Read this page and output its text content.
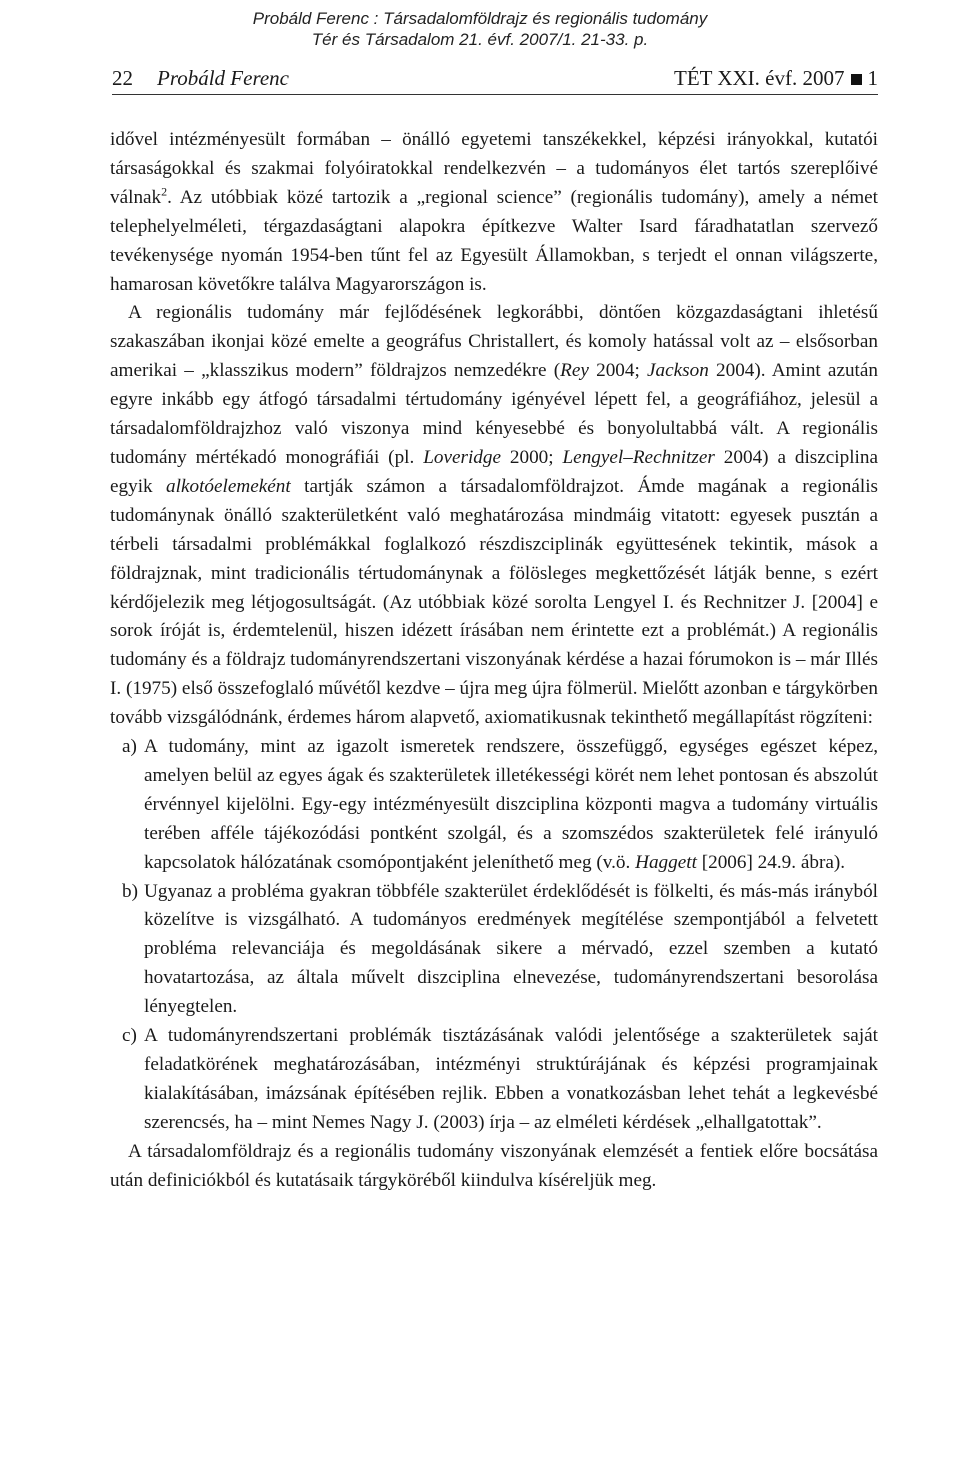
Probáld Ferenc : Társadalomföldrajz és regionális tudomány
Tér és Társadalom 21. évf. 2007/1. 21-33. p.
22 Probáld Ferenc	TÉT XXI. évf. 2007 1

idővel intézményesült formában – önálló egyetemi tanszékekkel, képzési irányokkal, kutatói társaságokkal és szakmai folyóiratokkal rendelkezvén – a tudományos élet tartós szereplőivé válnak$^2$. Az utóbbiak közé tartozik a „regional science” (regionális tudomány), amely a német telephelyelméleti, térgazdaságtani alapokra építkezve Walter Isard fáradhatatlan szervező tevékenysége nyomán 1954-ben tűnt fel az Egyesült Államokban, s terjedt el onnan világszerte, hamarosan követőkre találva Magyarországon is.

A regionális tudomány már fejlődésének legkorábbi, döntően közgazdaságtani ihletésű szakaszában ikonjai közé emelte a geográfus Christallert, és komoly hatással volt az – elsősorban amerikai – „klasszikus modern” földrajzos nemzedékre (Rey 2004; Jackson 2004). Amint azután egyre inkább egy átfogó társadalmi tértudomány igényével lépett fel, a geográfiához, jelesül a társadalomföldrajzhoz való viszonya mind kényesebbé és bonyolultabbá vált. A regionális tudomány mértékadó monográfiái (pl. Loveridge 2000; Lengyel–Rechnitzer 2004) a diszciplina egyik alkotóelemeként tartják számon a társadalomföldrajzot. Ámde magának a regionális tudománynak önálló szakterületként való meghatározása mindmáig vitatott: egyesek pusztán a térbeli társadalmi problémákkal foglalkozó részdiszciplinák együttesének tekintik, mások a földrajznak, mint tradicionális tértudománynak a fölösleges megkettőzését látják benne, s ezért kérdőjelezik meg létjogosultságát. (Az utóbbiak közé sorolta Lengyel I. és Rechnitzer J. [2004] e sorok íróját is, érdemtelenül, hiszen idézett írásában nem érintette ezt a problémát.) A regionális tudomány és a földrajz tudományrendszertani viszonyának kérdése a hazai fórumokon is – már Illés I. (1975) első összefoglaló művétől kezdve – újra meg újra fölmerül. Mielőtt azonban e tárgykörben tovább vizsgálódnánk, érdemes három alapvető, axiomatikusnak tekinthető megállapítást rögzíteni:

a) A tudomány, mint az igazolt ismeretek rendszere, összefüggő, egységes egészet képez, amelyen belül az egyes ágak és szakterületek illetékességi körét nem lehet pontosan és abszolút érvénnyel kijelölni. Egy-egy intézményesült diszciplina központi magva a tudomány virtuális terében afféle tájékozódási pontként szolgál, és a szomszédos szakterületek felé irányuló kapcsolatok hálózatának csomópontjaként jeleníthető meg (v.ö. Haggett [2006] 24.9. ábra).

b) Ugyanaz a probléma gyakran többféle szakterület érdeklődését is fölkelti, és más-más irányból közelítve is vizsgálható. A tudományos eredmények megítélése szempontjából a felvetett probléma relevanciája és megoldásának sikere a mérvadó, ezzel szemben a kutató hovatartozása, az általa művelt diszciplina elnevezése, tudományrendszertani besorolása lényegtelen.

c) A tudományrendszertani problémák tisztázásának valódi jelentősége a szakterületek saját feladatkörének meghatározásában, intézményi struktúrájának és képzési programjainak kialakításában, imázsának építésében rejlik. Ebben a vonatkozásban lehet tehát a legkevésbé szerencsés, ha – mint Nemes Nagy J. (2003) írja – az elméleti kérdések „elhallgatottak”.

A társadalomföldrajz és a regionális tudomány viszonyának elemzését a fentiek előre bocsátása után definiciókból és kutatásaik tárgyköréből kiindulva kíséreljük meg.
